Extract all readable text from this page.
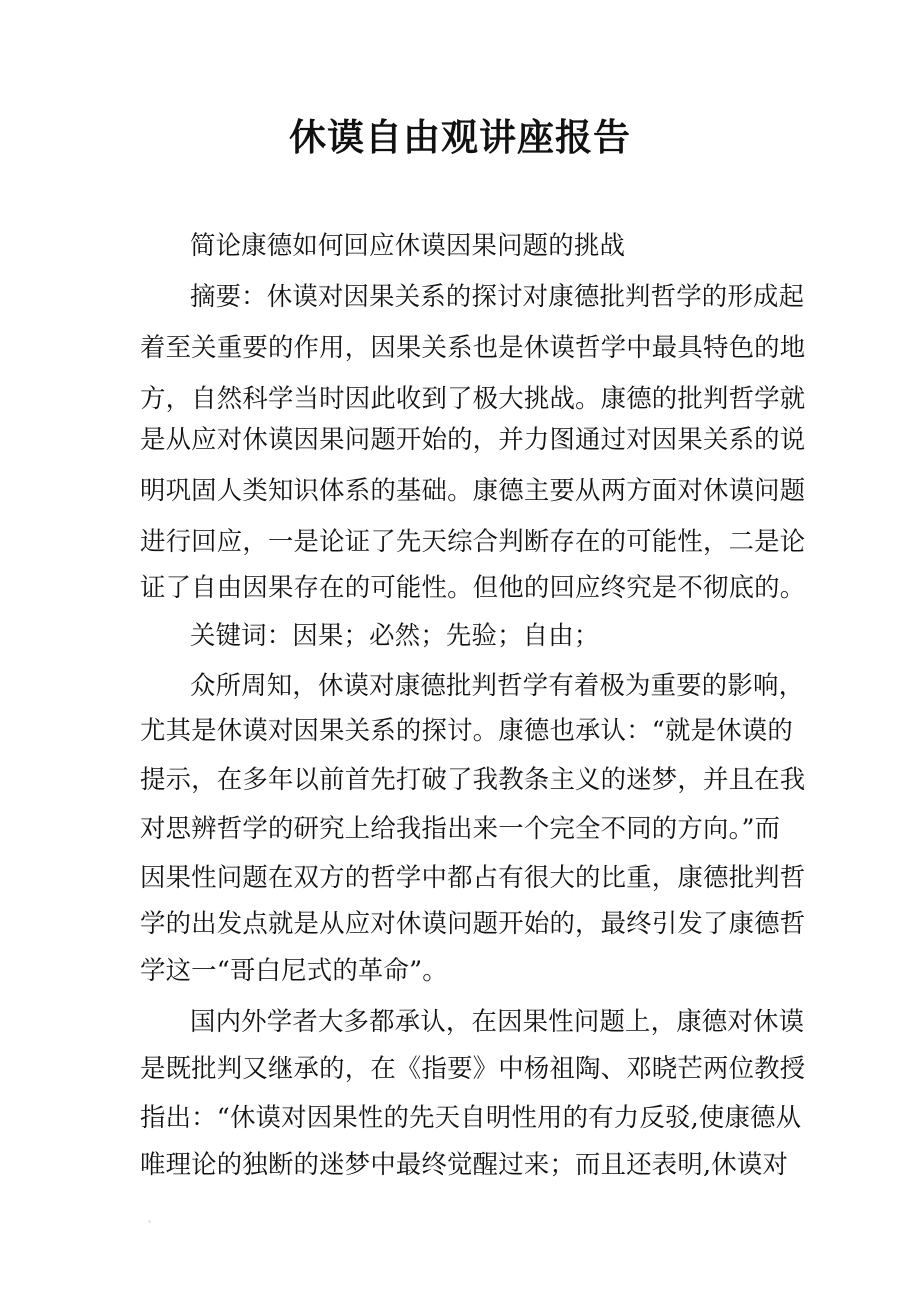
休谟自由观讲座报告
简论康德如何回应休谟因果问题的挑战
摘要：休谟对因果关系的探讨对康德批判哲学的形成起
着至关重要的作用，因果关系也是休谟哲学中最具特色的地
方，自然科学当时因此收到了极大挑战。康德的批判哲学就
是从应对休谟因果问题开始的，并力图通过对因果关系的说
明巩固人类知识体系的基础。康德主要从两方面对休谟问题
进行回应，一是论证了先天综合判断存在的可能性，二是论
证了自由因果存在的可能性。但他的回应终究是不彻底的。
关键词：因果；必然；先验；自由；
众所周知，休谟对康德批判哲学有着极为重要的影响，
尤其是休谟对因果关系的探讨。康德也承认：“就是休谟的
提示，在多年以前首先打破了我教条主义的迷梦，并且在我
对思辨哲学的研究上给我指出来一个完全不同的方向。”而
因果性问题在双方的哲学中都占有很大的比重，康德批判哲
学的出发点就是从应对休谟问题开始的，最终引发了康德哲
学这一“哥白尼式的革命”。
国内外学者大多都承认，在因果性问题上，康德对休谟
是既批判又继承的，在《指要》中杨祖陶、邓晓芒两位教授
指出：“休谟对因果性的先天自明性用的有力反驳,使康德从
唯理论的独断的迷梦中最终觉醒过来；而且还表明,休谟对
